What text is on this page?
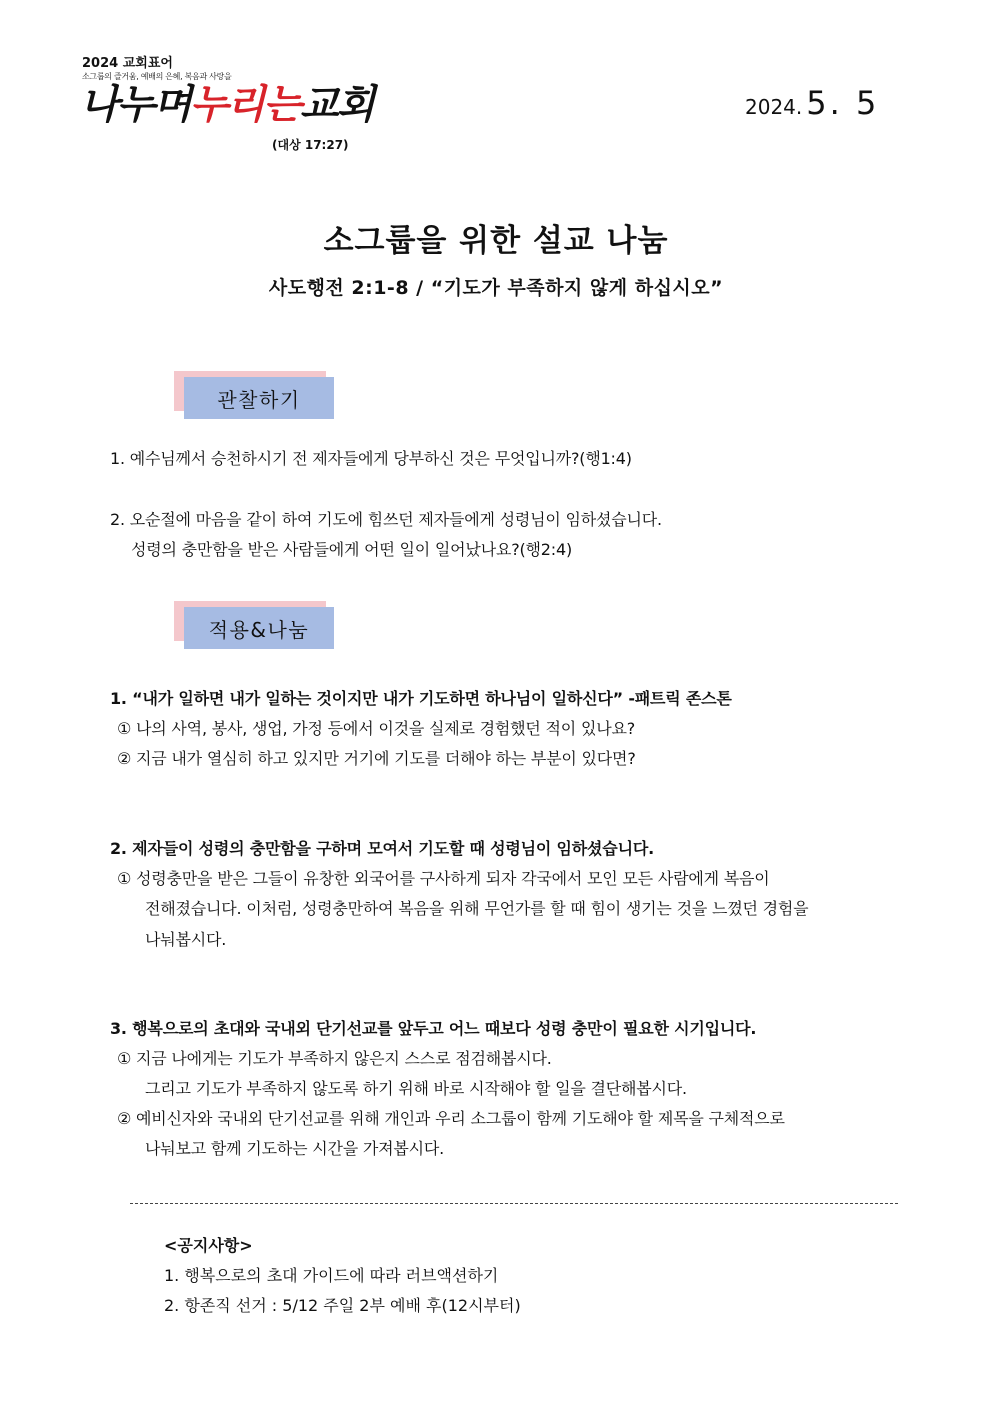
2024 교회표어
소그룹의 즐거움, 예배의 은혜, 복음과 사랑을
나누며누리는교회
(대상 17:27)
2024. 5. 5
소그룹을 위한 설교 나눔
사도행전 2:1-8 / “기도가 부족하지 않게 하십시오”
관찰하기
1. 예수님께서 승천하시기 전 제자들에게 당부하신 것은 무엇입니까?(행1:4)
2. 오순절에 마음을 같이 하여 기도에 힘쓰던 제자들에게 성령님이 임하셨습니다.
성령의 충만함을 받은 사람들에게 어떤 일이 일어났나요?(행2:4)
적용&나눔
1. “내가 일하면 내가 일하는 것이지만 내가 기도하면 하나님이 일하신다” -패트릭 존스톤
① 나의 사역, 봉사, 생업, 가정 등에서 이것을 실제로 경험했던 적이 있나요?
② 지금 내가 열심히 하고 있지만 거기에 기도를 더해야 하는 부분이 있다면?
2. 제자들이 성령의 충만함을 구하며 모여서 기도할 때 성령님이 임하셨습니다.
① 성령충만을 받은 그들이 유창한 외국어를 구사하게 되자 각국에서 모인 모든 사람에게 복음이
전해졌습니다. 이처럼, 성령충만하여 복음을 위해 무언가를 할 때 힘이 생기는 것을 느꼈던 경험을
나눠봅시다.
3. 행복으로의 초대와 국내외 단기선교를 앞두고 어느 때보다 성령 충만이 필요한 시기입니다.
① 지금 나에게는 기도가 부족하지 않은지 스스로 점검해봅시다.
그리고 기도가 부족하지 않도록 하기 위해 바로 시작해야 할 일을 결단해봅시다.
② 예비신자와 국내외 단기선교를 위해 개인과 우리 소그룹이 함께 기도해야 할 제목을 구체적으로
나눠보고 함께 기도하는 시간을 가져봅시다.
<공지사항>
1. 행복으로의 초대 가이드에 따라 러브액션하기
2. 항존직 선거 : 5/12 주일 2부 예배 후(12시부터)
